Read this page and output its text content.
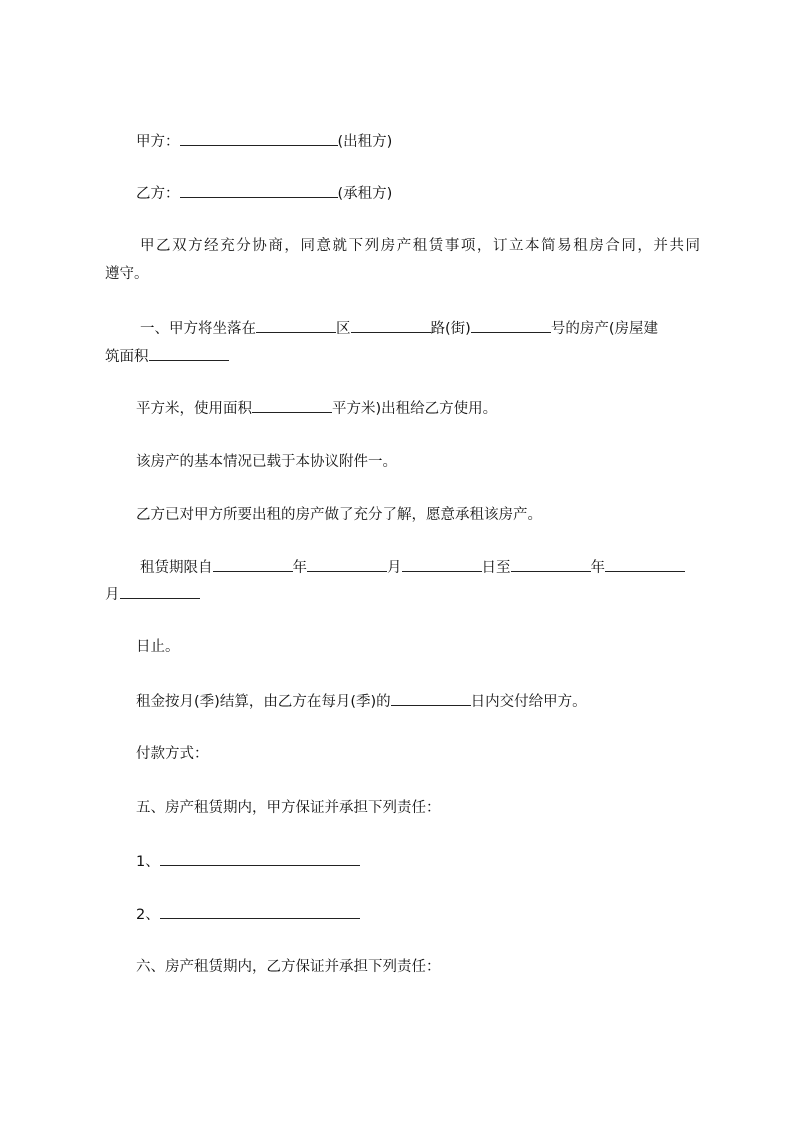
甲方：	(出租方)
乙方：	(承租方)
甲乙双方经充分协商，同意就下列房产租赁事项，订立本简易租房合同，并共同
遵守。
一、甲方将坐落在	区	路(街)	号的房产(房屋建
筑面积
平方米，使用面积	平方米)出租给乙方使用。
该房产的基本情况已载于本协议附件一。
乙方已对甲方所要出租的房产做了充分了解，愿意承租该房产。
租赁期限自	年	月	日至	年
月
日止。
租金按月(季)结算，由乙方在每月(季)的	日内交付给甲方。
付款方式：
五、房产租赁期内，甲方保证并承担下列责任：
1、
2、
六、房产租赁期内，乙方保证并承担下列责任：
